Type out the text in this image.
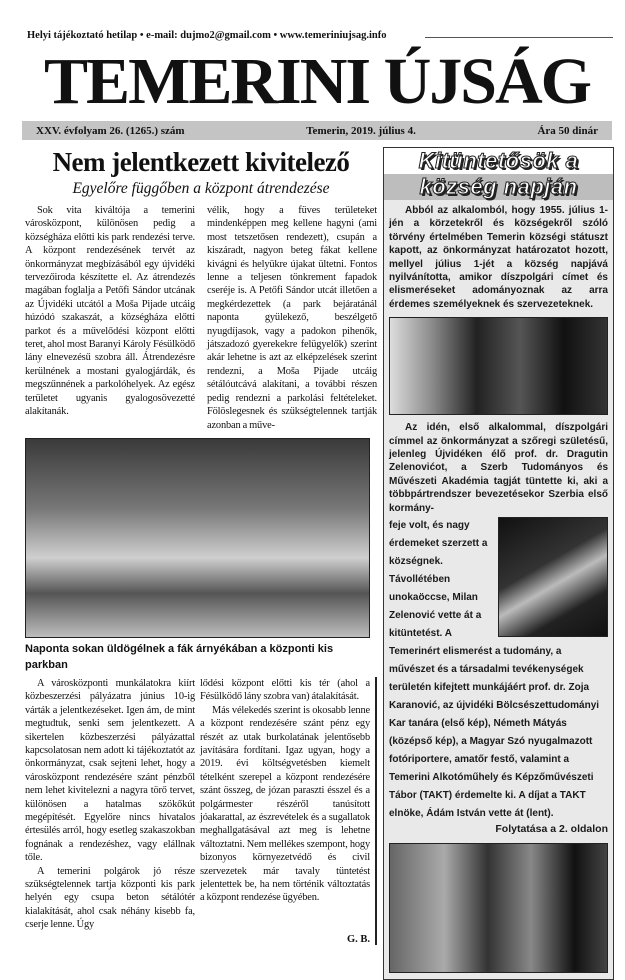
Helyi tájékoztató hetilap • e-mail: dujmo2@gmail.com • www.temeriniujsag.info
TEMERINI ÚJSÁG
XXV. évfolyam 26. (1265.) szám	Temerin, 2019. július 4.	Ára 50 dinár
Nem jelentkezett kivitelező
Egyelőre függőben a központ átrendezése

Sok vita kiváltója a temerini városközpont, különösen pedig a községháza előtti kis park rendezési terve. A központ rendezésének tervét az önkormányzat megbízásából egy újvidéki tervezőiroda készítette el. Az átrendezés magában foglalja a Petőfi Sándor utcának az Újvidéki utcától a Moša Pijade utcáig húzódó szakaszát, a községháza előtti parkot és a művelődési központ előtti teret, ahol most Baranyi Károly Fésülködő lány elnevezésű szobra áll. Átrendezésre kerülnének a mostani gyalogjárdák, és megszűnnének a parkolóhelyek. Az egész területet ugyanis gyalogosövezetté alakítanák.

vélik, hogy a füves területeket mindenképpen meg kellene hagyni (ami most tetszetősen rendezett), csupán a kiszáradt, nagyon beteg fákat kellene kivágni és helyükre újakat ültetni. Fontos lenne a teljesen tönkrement fapadok cseréje is. A Petőfi Sándor utcát illetően a megkérdezettek (a park bejáratánál naponta gyülekező, beszélgető nyugdíjasok, vagy a padokon pihenők, játszadozó gyerekekre felügyelők) szerint akár lehetne is azt az elképzelések szerint rendezni, a Moša Pijade utcáig sétálóutcává alakítani, a további részen pedig rendezni a parkolási feltételeket. Fölöslegesnek és szükségtelennek tartják azonban a műve-

Naponta sokan üldögélnek a fák árnyékában a központi kis parkban

A városközponti munkálatokra kiírt közbeszerzési pályázatra június 10-ig várták a jelentkezéseket. Igen ám, de mint megtudtuk, senki sem jelentkezett. A sikertelen közbeszerzési pályázattal kapcsolatosan nem adott ki tájékoztatót az önkormányzat, csak sejteni lehet, hogy a városközpont rendezésére szánt pénzből nem lehet kivitelezni a nagyra törő tervet, különösen a hatalmas szökőkút megépítését. Egyelőre nincs hivatalos értesülés arról, hogy esetleg szakaszokban fognának a rendezéshez, vagy elállnak tőle.

A temerini polgárok jó része szükségtelennek tartja központi kis park helyén egy csupa beton sétálótér kialakítását, ahol csak néhány kisebb fa, cserje lenne. Úgy

lődési központ előtti kis tér (ahol a Fésülködő lány szobra van) átalakítását.

Más vélekedés szerint is okosabb lenne a központ rendezésére szánt pénz egy részét az utak burkolatának jelentősebb javítására fordítani. Igaz ugyan, hogy a 2019. évi költségvetésben kiemelt tételként szerepel a központ rendezésére szánt összeg, de józan paraszti ésszel és a polgármester részéről tanúsított jóakarattal, az észrevételek és a sugallatok meghallgatásával azt meg is lehetne változtatni. Nem mellékes szempont, hogy bizonyos környezetvédő és civil szervezetek már tavaly tüntetést jelentettek be, ha nem történik változtatás a központ rendezése ügyében.

G. B.
Kitüntetősök a
község napján
Abból az alkalomból, hogy 1955. július 1-jén a körzetekről és községekről szóló törvény értelmében Temerin községi státuszt kapott, az önkormányzat határozatot hozott, mellyel július 1-jét a község napjává nyilvánította, amikor díszpolgári címet és elismeréseket adományoznak az arra érdemes személyeknek és szervezeteknek.
Az idén, első alkalommal, díszpolgári címmel az önkormányzat a szőregi születésű, jelenleg Újvidéken élő prof. dr. Dragutin Zelenovićot, a Szerb Tudományos és Művészeti Akadémia tagját tüntette ki, aki a többpártrendszer bevezetésekor Szerbia első kormány-
feje volt, és nagy érdemeket szerzett a községnek. Távollétében unokaöccse, Milan Zelenović vette át a kitüntetést. A Temerinért elismerést a tudomány, a művészet és a társadalmi tevékenységek területén kifejtett munkájáért prof. dr. Zoja Karanović, az újvidéki Bölcsészettudományi Kar tanára (első kép), Németh Mátyás (középső kép), a Magyar Szó nyugalmazott fotóriportere, amatőr festő, valamint a Temerini Alkotóműhely és Képzőművészeti Tábor (TAKT) érdemelte ki. A díjat a TAKT elnöke, Ádám István vette át (lent).
Folytatása a 2. oldalon
